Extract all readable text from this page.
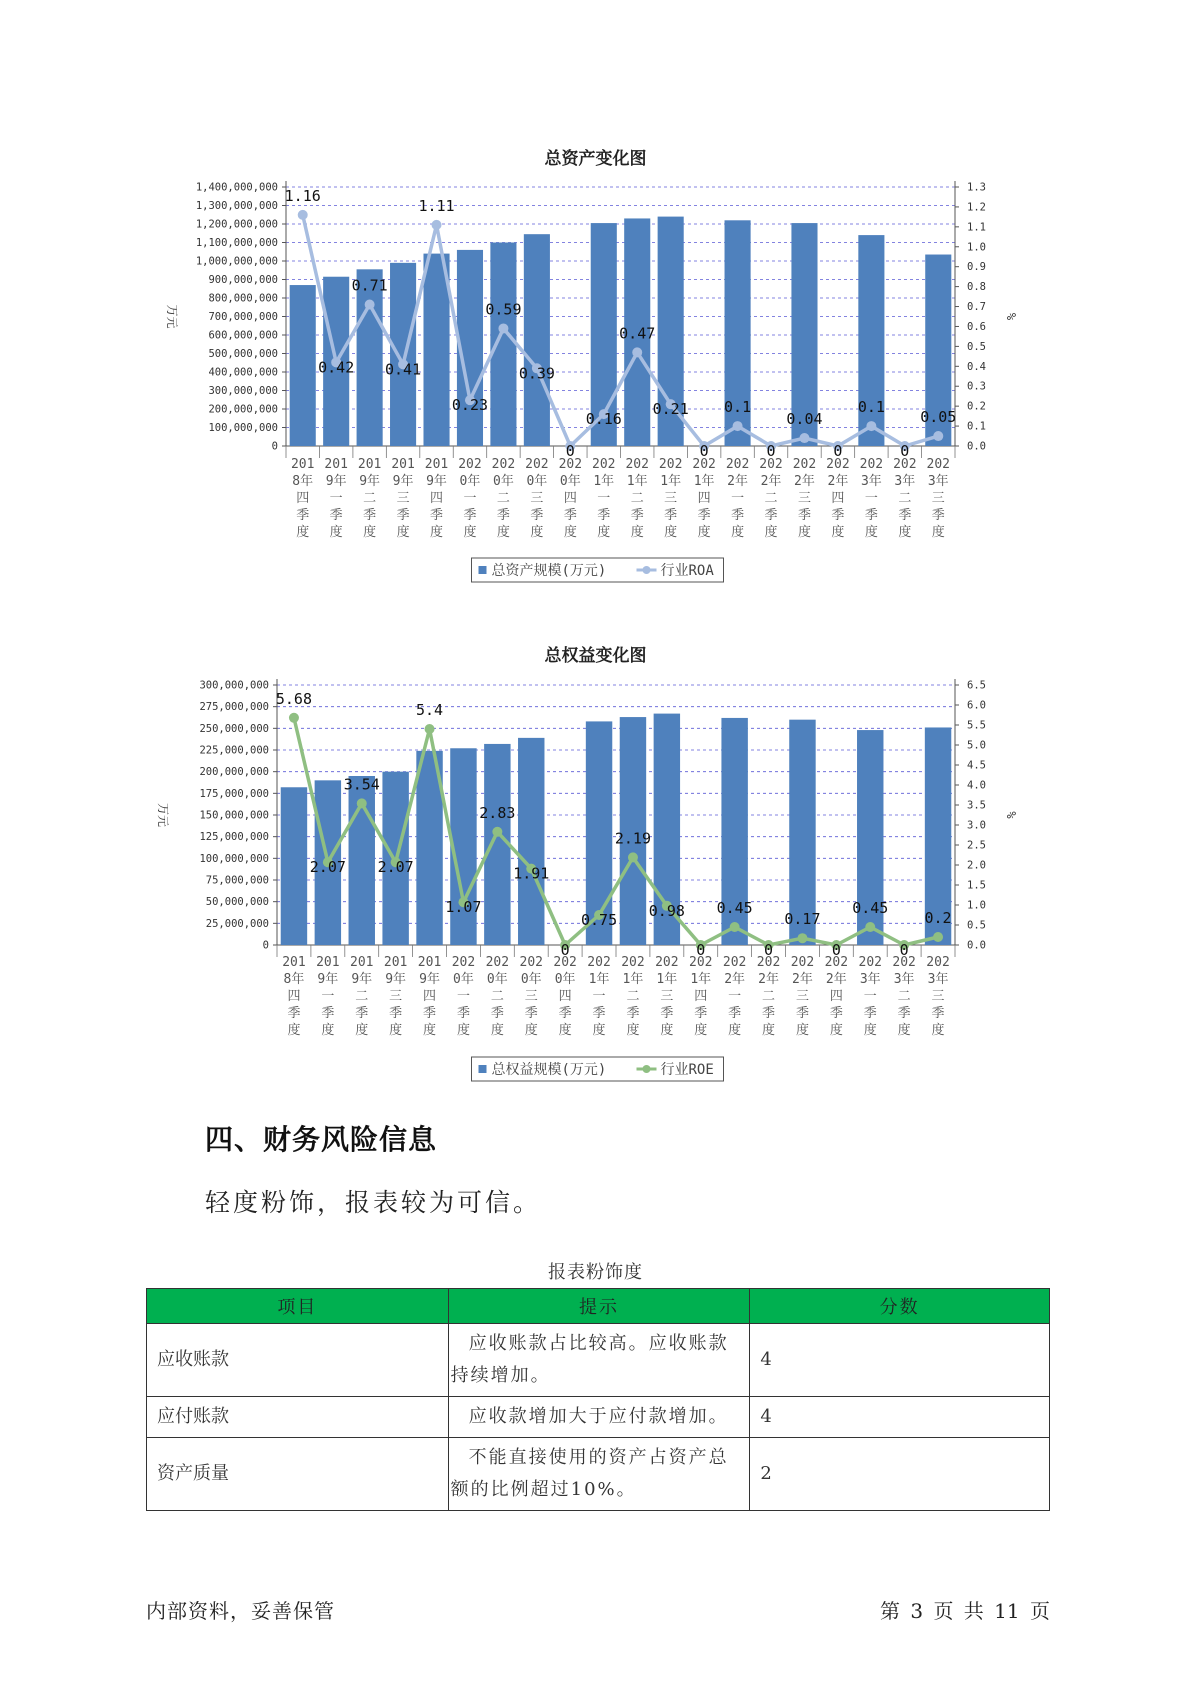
总资产变化图
0
100,000,000
200,000,000
300,000,000
400,000,000
500,000,000
600,000,000
700,000,000
800,000,000
900,000,000
1,000,000,000
1,100,000,000
1,200,000,000
1,300,000,000
1,400,000,000
0.0
0.1
0.2
0.3
0.4
0.5
0.6
0.7
0.8
0.9
1.0
1.1
1.2
1.3
万元	%
1.16
0.42
0.71
0.41
1.11
0.23
0.59
0.39
0
0.16
0.47
0.21
0
0.1
0
0.04
0
0.1
0
0.05
201
8年
四
季
度
201
9年
一
季
度
201
9年
二
季
度
201
9年
三
季
度
201
9年
四
季
度
202
0年
一
季
度
202
0年
二
季
度
202
0年
三
季
度
202
0年
四
季
度
202
1年
一
季
度
202
1年
二
季
度
202
1年
三
季
度
202
1年
四
季
度
202
2年
一
季
度
202
2年
二
季
度
202
2年
三
季
度
202
2年
四
季
度
202
3年
一
季
度
202
3年
二
季
度
202
3年
三
季
度
总资产规模(万元)	行业ROA
总权益变化图
0
25,000,000
50,000,000
75,000,000
100,000,000
125,000,000
150,000,000
175,000,000
200,000,000
225,000,000
250,000,000
275,000,000
300,000,000
0.0
0.5
1.0
1.5
2.0
2.5
3.0
3.5
4.0
4.5
5.0
5.5
6.0
6.5
万元	%
5.68
2.07
3.54
2.07
5.4
1.07
2.83
1.91
0
0.75
2.19
0.98
0
0.45
0
0.17
0
0.45
0
0.2
201
8年
四
季
度
201
9年
一
季
度
201
9年
二
季
度
201
9年
三
季
度
201
9年
四
季
度
202
0年
一
季
度
202
0年
二
季
度
202
0年
三
季
度
202
0年
四
季
度
202
1年
一
季
度
202
1年
二
季
度
202
1年
三
季
度
202
1年
四
季
度
202
2年
一
季
度
202
2年
二
季
度
202
2年
三
季
度
202
2年
四
季
度
202
3年
一
季
度
202
3年
二
季
度
202
3年
三
季
度
总权益规模(万元)	行业ROE
四、财务风险信息
轻度粉饰，报表较为可信。
报表粉饰度
项目	提示	分数
应收账款	应收账款占比较高。应收账款持续增加。	4
应付账款	应收款增加大于应付款增加。	4
资产质量	不能直接使用的资产占资产总额的比例超过10%。	2
内部资料，妥善保管	第 3 页 共 11 页
